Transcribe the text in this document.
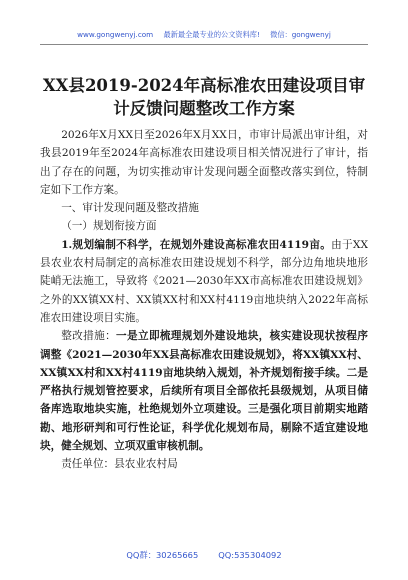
www.gongwenyj.com 最新最全最专业的公文资料库! 微信：gongwenyj
XX县2019-2024年高标准农田建设项目审
计反馈问题整改工作方案

2026年X月XX日至2026年X月XX日，市审计局派出审计组，对我县2019年至2024年高标准农田建设项目相关情况进行了审计，指出了存在的问题，为切实推动审计发现问题全面整改落实到位，特制定如下工作方案。

一、审计发现问题及整改措施

（一）规划衔接方面

1.规划编制不科学，在规划外建设高标准农田4119亩。由于XX县农业农村局制定的高标准农田建设规划不科学，部分边角地块地形陡峭无法施工，导致将《2021—2030年XX市高标准农田建设规划》之外的XX镇XX村、XX镇XX村和XX村4119亩地块纳入2022年高标准农田建设项目实施。

整改措施：一是立即梳理规划外建设地块，核实建设现状按程序调整《2021—2030年XX县高标准农田建设规划》，将XX镇XX村、XX镇XX村和XX村4119亩地块纳入规划，补齐规划衔接手续。二是严格执行规划管控要求，后续所有项目全部依托县级规划，从项目储备库选取地块实施，杜绝规划外立项建设。三是强化项目前期实地踏勘、地形研判和可行性论证，科学优化规划布局，剔除不适宜建设地块，健全规划、立项双重审核机制。

责任单位：县农业农村局

QQ群：30265665 QQ:535304092
